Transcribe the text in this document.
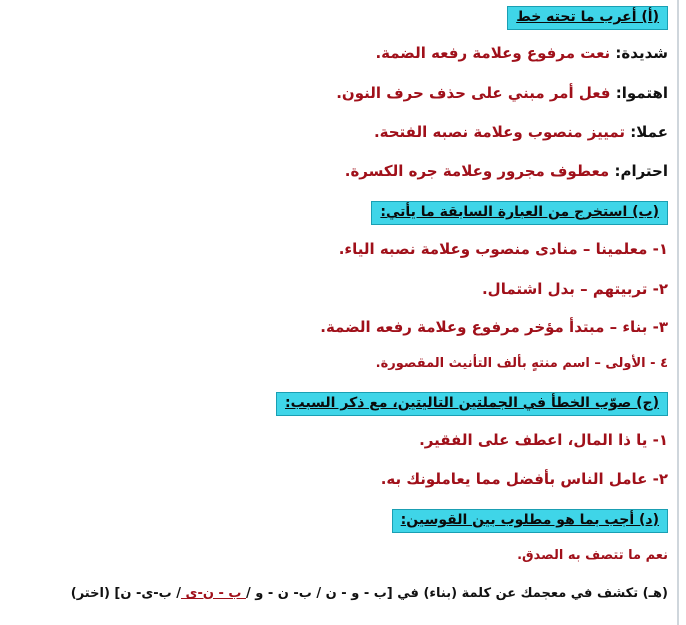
(أ) أعرب ما تحته خط
شديدة: نعت مرفوع وعلامة رفعه الضمة.
اهتموا: فعل أمر مبني على حذف حرف النون.
عملا: تمييز منصوب وعلامة نصبه الفتحة.
احترام: معطوف مجرور وعلامة جره الكسرة.
(ب) استخرج من العبارة السابقة ما يأتي:
١- معلمينا – منادى منصوب وعلامة نصبه الياء.
٢- تربيتهم – بدل اشتمال.
٣- بناء – مبتدأ مؤخر مرفوع وعلامة رفعه الضمة.
٤ - الأولى – اسم منتهٍ بألف التأنيث المقصورة.
(ج) صوّب الخطأ في الجملتين التاليتين، مع ذكر السبب:
١- يا ذا المال، اعطف على الفقير.
٢- عامل الناس بأفضل مما يعاملونك به.
(د) أجب بما هو مطلوب بين القوسين:
نعم ما تتصف به الصدق.
(هـ) تكشف في معجمك عن كلمة (بناء) في [ب - و - ن / ب- ن - و / ب - ن-ى / ب-ى- ن] (اختر)
